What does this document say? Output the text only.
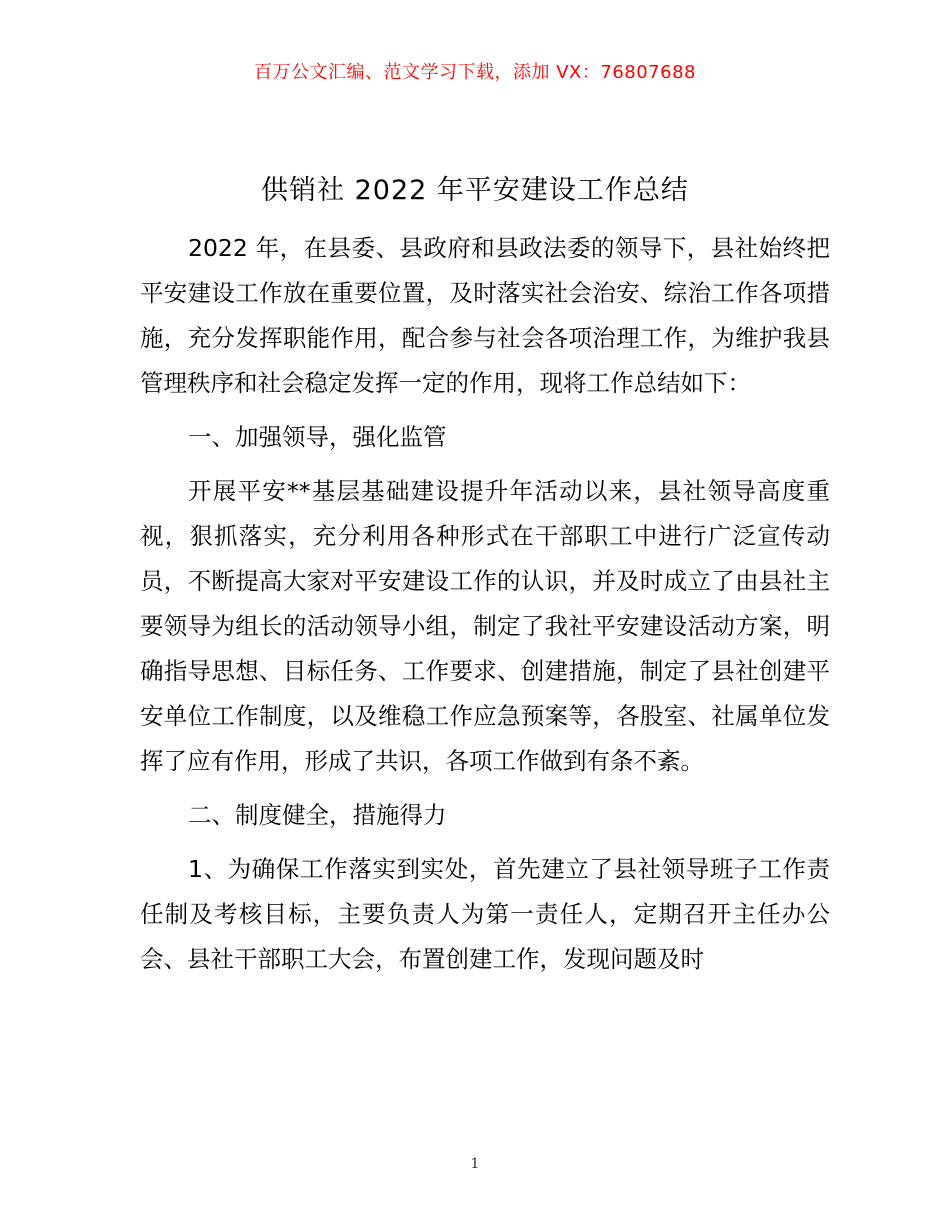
百万公文汇编、范文学习下载，添加 VX：76807688
供销社 2022 年平安建设工作总结

2022 年，在县委、县政府和县政法委的领导下，县社始终把平安建设工作放在重要位置，及时落实社会治安、综治工作各项措施，充分发挥职能作用，配合参与社会各项治理工作，为维护我县管理秩序和社会稳定发挥一定的作用，现将工作总结如下：

一、加强领导，强化监管

开展平安**基层基础建设提升年活动以来，县社领导高度重视，狠抓落实，充分利用各种形式在干部职工中进行广泛宣传动员，不断提高大家对平安建设工作的认识，并及时成立了由县社主要领导为组长的活动领导小组，制定了我社平安建设活动方案，明确指导思想、目标任务、工作要求、创建措施，制定了县社创建平安单位工作制度，以及维稳工作应急预案等，各股室、社属单位发挥了应有作用，形成了共识，各项工作做到有条不紊。

二、制度健全，措施得力

1、为确保工作落实到实处，首先建立了县社领导班子工作责任制及考核目标，主要负责人为第一责任人，定期召开主任办公会、县社干部职工大会，布置创建工作，发现问题及时

1
